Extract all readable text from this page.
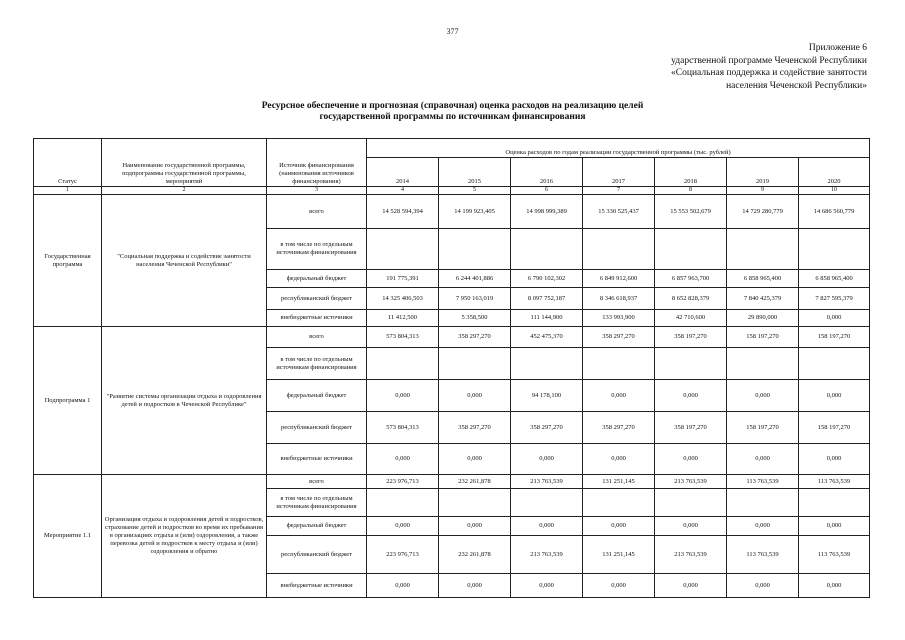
377
Приложение 6
ударственной программе Чеченской Республики
«Социальная поддержка и содействие занятости
населения Чеченской Республики»
Ресурсное обеспечение и прогнозная (справочная) оценка расходов на реализацию целей
государственной программы по источникам финансирования
Статус	Наименование государственной программы, подпрограммы государственной программы, мероприятий	Источник финансирования (наименования источников финансирования)	Оценка расходов по годам реализации государственной программы (тыс. рублей)						
			2014	2015	2016	2017	2018	2019	2020
1	2	3	4	5	6	7	8	9	10
Государственная программа	"Социальная поддержка и содействие занятости населения Чеченской Республики"	всего	14 528 594,394	14 199 923,405	14 998 999,389	15 330 525,437	15 553 502,679	14 729 280,779	14 686 560,779
		в том числе по отдельным источникам финансирования							
		федеральный бюджет	191 775,391	6 244 401,886	6 790 102,302	6 849 912,600	6 857 963,700	6 858 965,400	6 858 965,400
		республиканский бюджет	14 325 406,503	7 950 163,019	8 097 752,187	8 346 618,937	8 652 828,379	7 840 425,379	7 827 595,379
		внебюджетные источники	11 412,500	5 358,500	111 144,900	133 993,900	42 710,600	29 890,000	0,000
Подпрограмма 1	"Развитие системы организации отдыха и оздоровления детей и подростков в Чеченской Республике"	всего	573 804,313	358 297,270	452 475,370	358 297,270	358 197,270	158 197,270	158 197,270
		в том числе по отдельным источникам финансирования							
		федеральный бюджет	0,000	0,000	94 178,100	0,000	0,000	0,000	0,000
		республиканский бюджет	573 804,313	358 297,270	358 297,270	358 297,270	358 197,270	158 197,270	158 197,270
		внебюджетные источники	0,000	0,000	0,000	0,000	0,000	0,000	0,000
Мероприятие 1.1	Организация отдыха и оздоровления детей и подростков, страхование детей и подростков во время их пребывания в организациях отдыха и (или) оздоровления, а также перевозка детей и подростков к месту отдыха и (или) оздоровления и обратно	всего	223 976,713	232 261,878	213 763,539	131 251,145	213 763,539	113 763,539	113 763,539
		в том числе по отдельным источникам финансирования							
		федеральный бюджет	0,000	0,000	0,000	0,000	0,000	0,000	0,000
		республиканский бюджет	223 976,713	232 261,878	213 763,539	131 251,145	213 763,539	113 763,539	113 763,539
		внебюджетные источники	0,000	0,000	0,000	0,000	0,000	0,000	0,000
